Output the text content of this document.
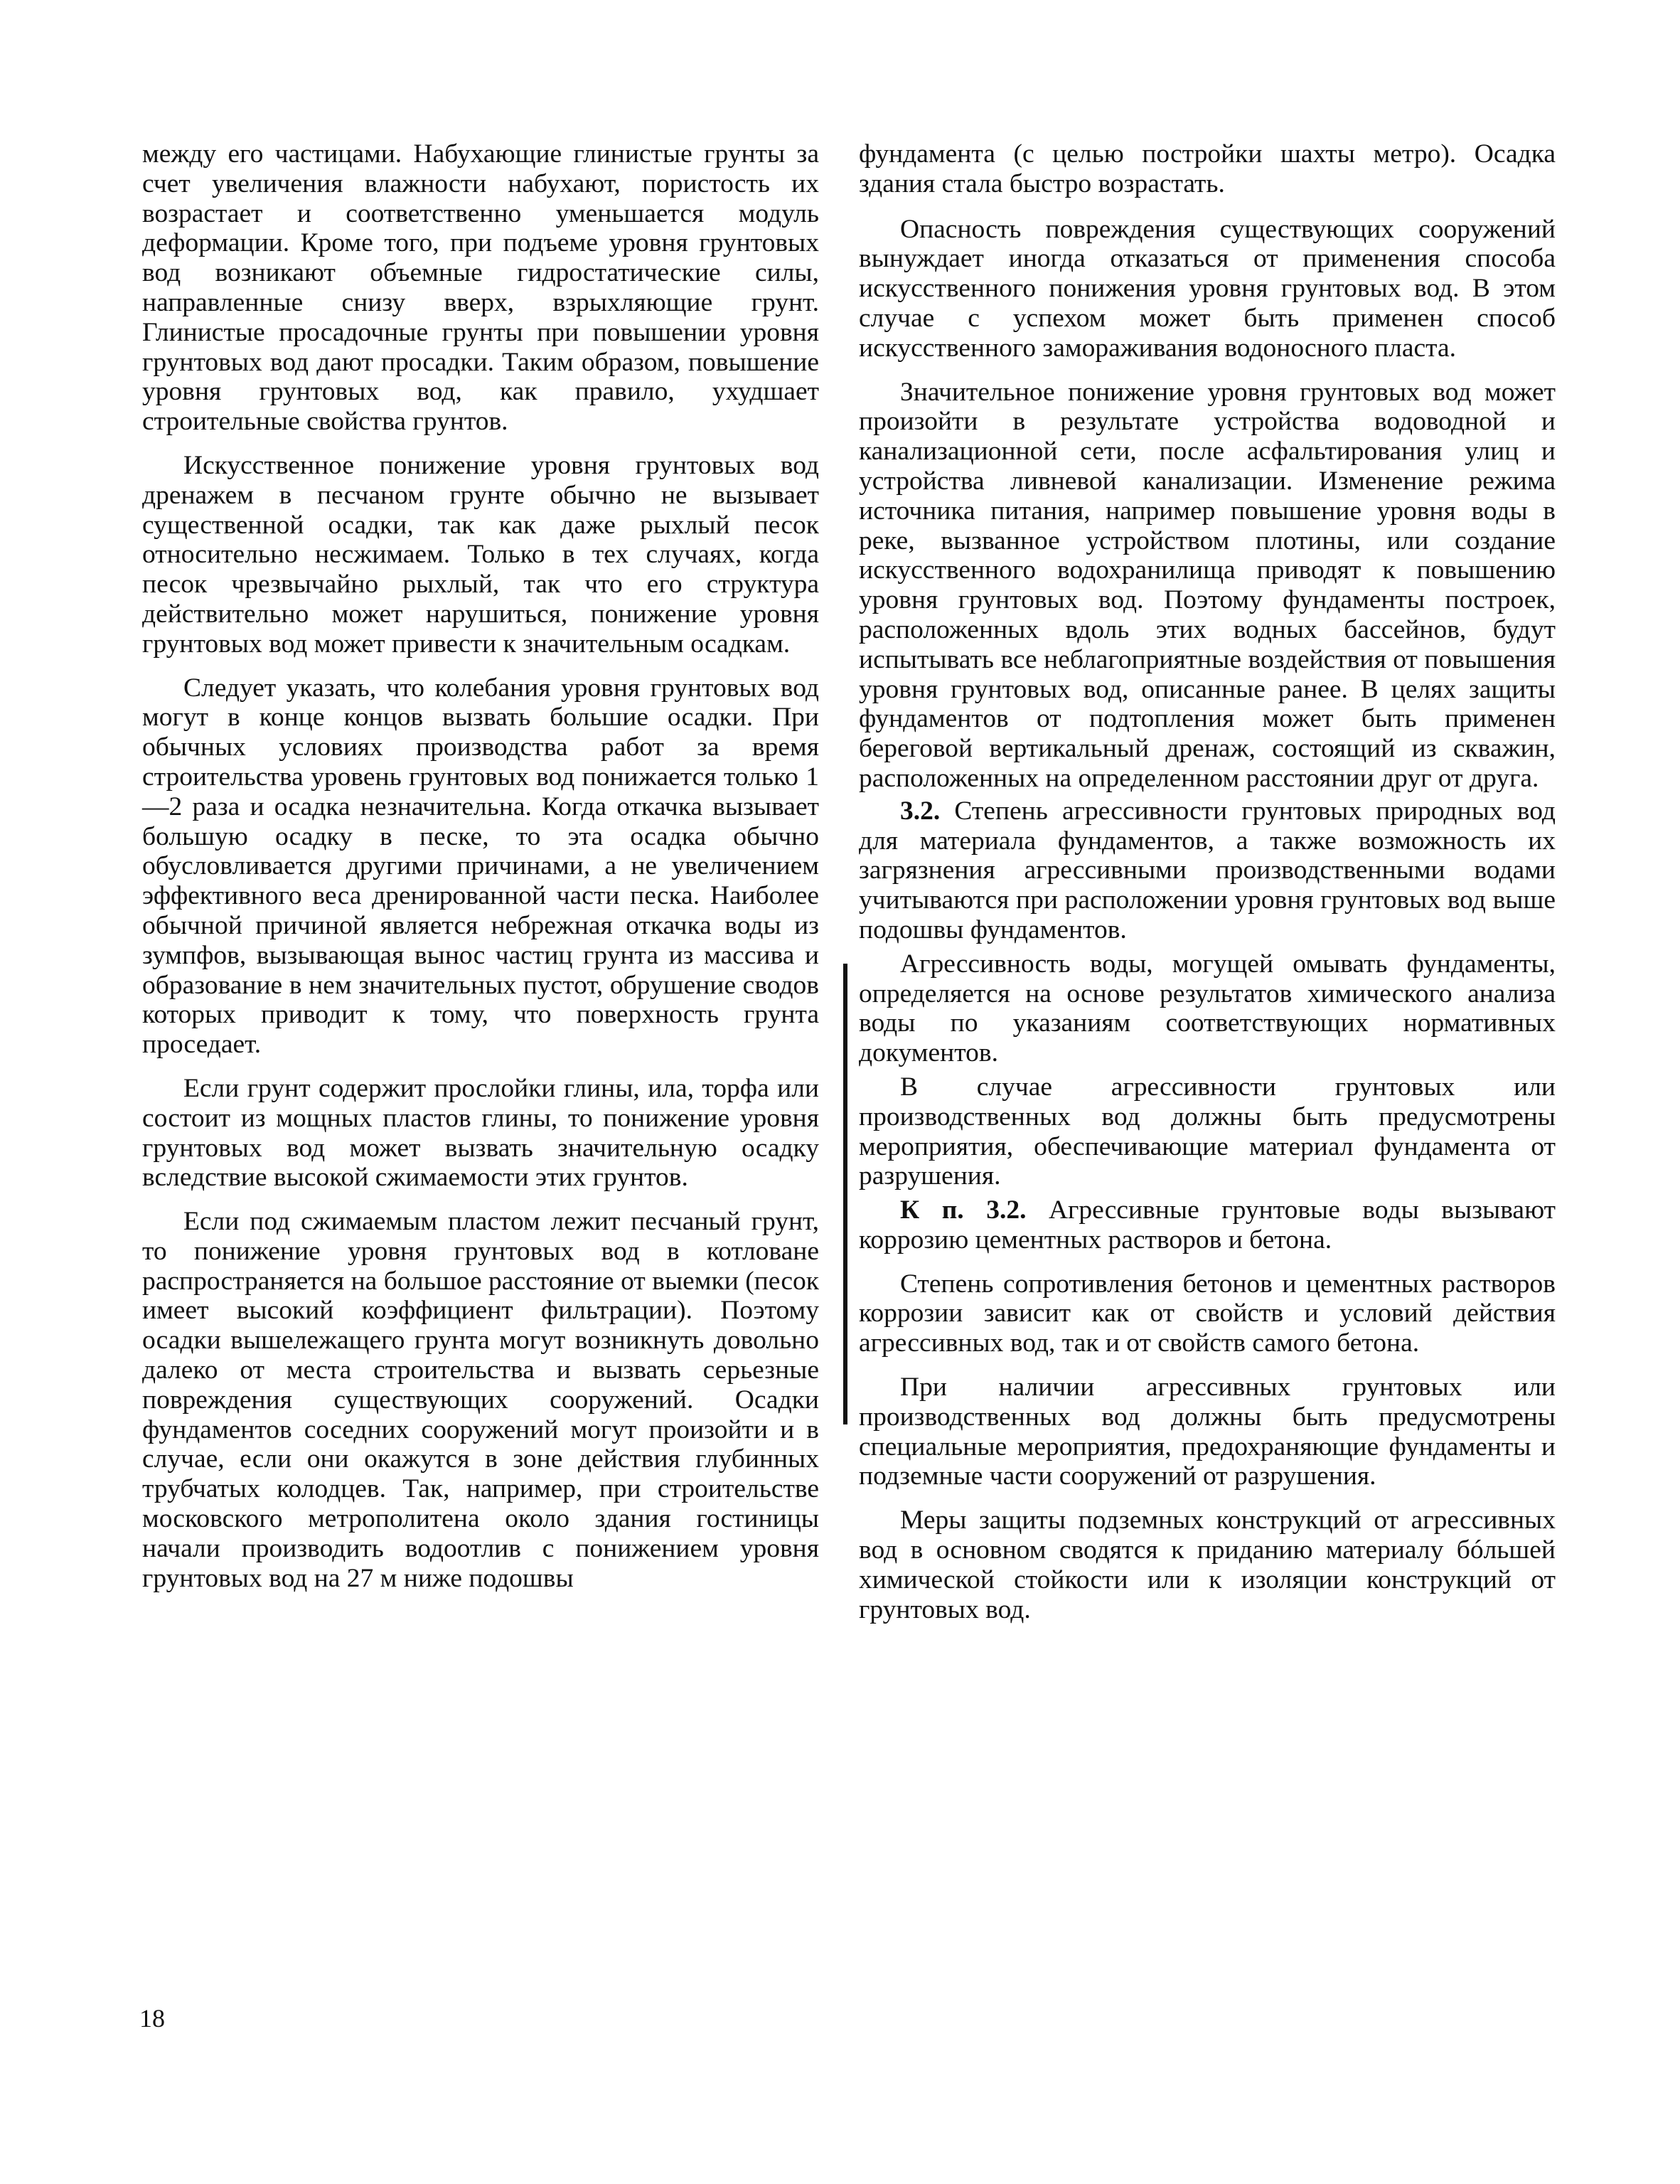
между его частицами. Набухающие глинистые грунты за счет увеличения влажности набухают, пористость их возрастает и соответственно уменьшается модуль деформации. Кроме того, при подъеме уровня грунтовых вод возникают объемные гидростатические силы, направленные снизу вверх, взрыхляющие грунт. Глинистые просадочные грунты при повышении уровня грунтовых вод дают просадки. Таким образом, повышение уровня грунтовых вод, как правило, ухудшает строительные свойства грунтов.

Искусственное понижение уровня грунтовых вод дренажем в песчаном грунте обычно не вызывает существенной осадки, так как даже рыхлый песок относительно несжимаем. Только в тех случаях, когда песок чрезвычайно рыхлый, так что его структура действительно может нарушиться, понижение уровня грунтовых вод может привести к значительным осадкам.

Следует указать, что колебания уровня грунтовых вод могут в конце концов вызвать большие осадки. При обычных условиях производства работ за время строительства уровень грунтовых вод понижается только 1—2 раза и осадка незначительна. Когда откачка вызывает большую осадку в песке, то эта осадка обычно обусловливается другими причинами, а не увеличением эффективного веса дренированной части песка. Наиболее обычной причиной является небрежная откачка воды из зумпфов, вызывающая вынос частиц грунта из массива и образование в нем значительных пустот, обрушение сводов которых приводит к тому, что поверхность грунта проседает.

Если грунт содержит прослойки глины, ила, торфа или состоит из мощных пластов глины, то понижение уровня грунтовых вод может вызвать значительную осадку вследствие высокой сжимаемости этих грунтов.

Если под сжимаемым пластом лежит песчаный грунт, то понижение уровня грунтовых вод в котловане распространяется на большое расстояние от выемки (песок имеет высокий коэффициент фильтрации). Поэтому осадки вышележащего грунта могут возникнуть довольно далеко от места строительства и вызвать серьезные повреждения существующих сооружений. Осадки фундаментов соседних сооружений могут произойти и в случае, если они окажутся в зоне действия глубинных трубчатых колодцев. Так, например, при строительстве московского метрополитена около здания гостиницы начали производить водоотлив с понижением уровня грунтовых вод на 27 м ниже подошвы

фундамента (с целью постройки шахты метро). Осадка здания стала быстро возрастать.

Опасность повреждения существующих сооружений вынуждает иногда отказаться от применения способа искусственного понижения уровня грунтовых вод. В этом случае с успехом может быть применен способ искусственного замораживания водоносного пласта.

Значительное понижение уровня грунтовых вод может произойти в результате устройства водоводной и канализационной сети, после асфальтирования улиц и устройства ливневой канализации. Изменение режима источника питания, например повышение уровня воды в реке, вызванное устройством плотины, или создание искусственного водохранилища приводят к повышению уровня грунтовых вод. Поэтому фундаменты построек, расположенных вдоль этих водных бассейнов, будут испытывать все неблагоприятные воздействия от повышения уровня грунтовых вод, описанные ранее. В целях защиты фундаментов от подтопления может быть применен береговой вертикальный дренаж, состоящий из скважин, расположенных на определенном расстоянии друг от друга.

3.2. Степень агрессивности грунтовых природных вод для материала фундаментов, а также возможность их загрязнения агрессивными производственными водами учитываются при расположении уровня грунтовых вод выше подошвы фундаментов.

Агрессивность воды, могущей омывать фундаменты, определяется на основе результатов химического анализа воды по указаниям соответствующих нормативных документов.

В случае агрессивности грунтовых или производственных вод должны быть предусмотрены мероприятия, обеспечивающие материал фундамента от разрушения.

К п. 3.2. Агрессивные грунтовые воды вызывают коррозию цементных растворов и бетона.

Степень сопротивления бетонов и цементных растворов коррозии зависит как от свойств и условий действия агрессивных вод, так и от свойств самого бетона.

При наличии агрессивных грунтовых или производственных вод должны быть предусмотрены специальные мероприятия, предохраняющие фундаменты и подземные части сооружений от разрушения.

Меры защиты подземных конструкций от агрессивных вод в основном сводятся к приданию материалу бóльшей химической стойкости или к изоляции конструкций от грунтовых вод.

18
